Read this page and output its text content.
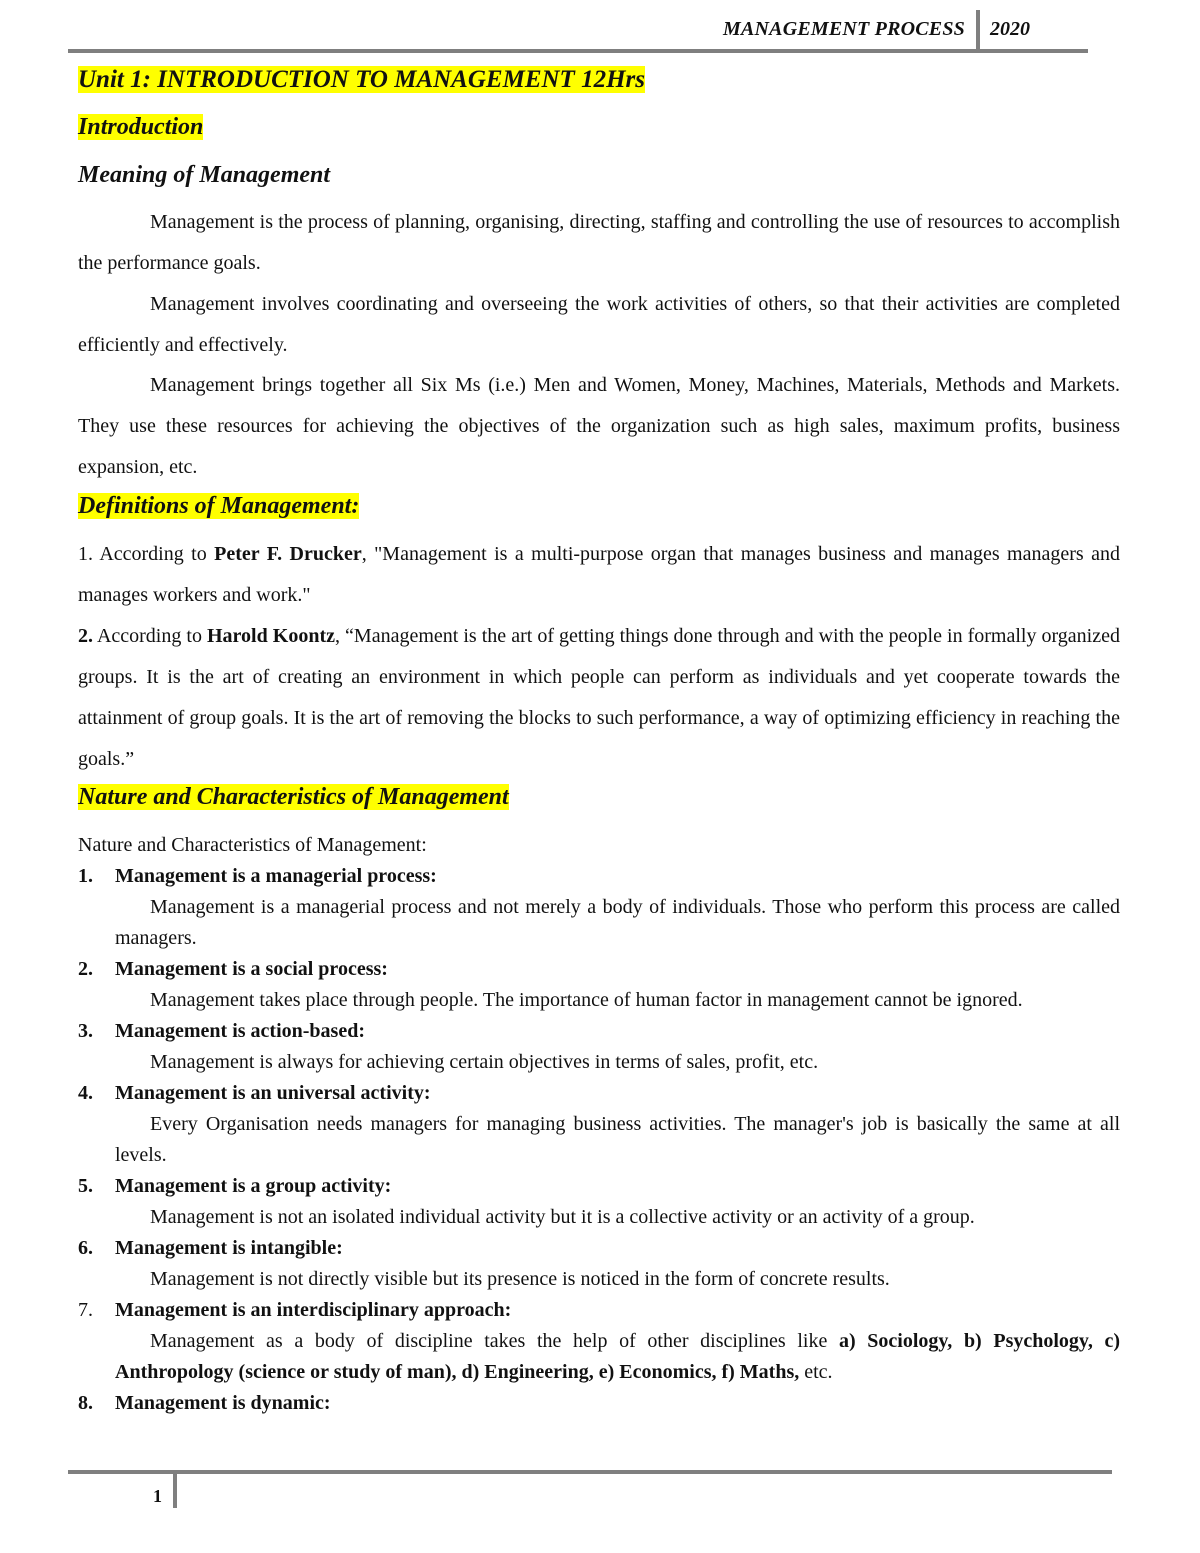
MANAGEMENT PROCESS 2020
Unit 1: INTRODUCTION TO MANAGEMENT 12Hrs
Introduction
Meaning of Management

Management is the process of planning, organising, directing, staffing and controlling the use of resources to accomplish the performance goals.

Management involves coordinating and overseeing the work activities of others, so that their activities are completed efficiently and effectively.

Management brings together all Six Ms (i.e.) Men and Women, Money, Machines, Materials, Methods and Markets. They use these resources for achieving the objectives of the organization such as high sales, maximum profits, business expansion, etc.

Definitions of Management:

1. According to Peter F. Drucker, "Management is a multi-purpose organ that manages business and manages managers and manages workers and work."

2. According to Harold Koontz, “Management is the art of getting things done through and with the people in formally organized groups. It is the art of creating an environment in which people can perform as individuals and yet cooperate towards the attainment of group goals. It is the art of removing the blocks to such performance, a way of optimizing efficiency in reaching the goals.”

Nature and Characteristics of Management
Nature and Characteristics of Management:
1.	Management is a managerial process:
Management is a managerial process and not merely a body of individuals. Those who perform this process are called managers.
2.	Management is a social process:
Management takes place through people. The importance of human factor in management cannot be ignored.
3.	Management is action-based:
Management is always for achieving certain objectives in terms of sales, profit, etc.
4.	Management is an universal activity:
Every Organisation needs managers for managing business activities. The manager's job is basically the same at all levels.
5.	Management is a group activity:
Management is not an isolated individual activity but it is a collective activity or an activity of a group.
6.	Management is intangible:
Management is not directly visible but its presence is noticed in the form of concrete results.
7.	Management is an interdisciplinary approach:
Management as a body of discipline takes the help of other disciplines like a) Sociology, b) Psychology, c) Anthropology (science or study of man), d) Engineering, e) Economics, f) Maths, etc.
8.	Management is dynamic:
1
